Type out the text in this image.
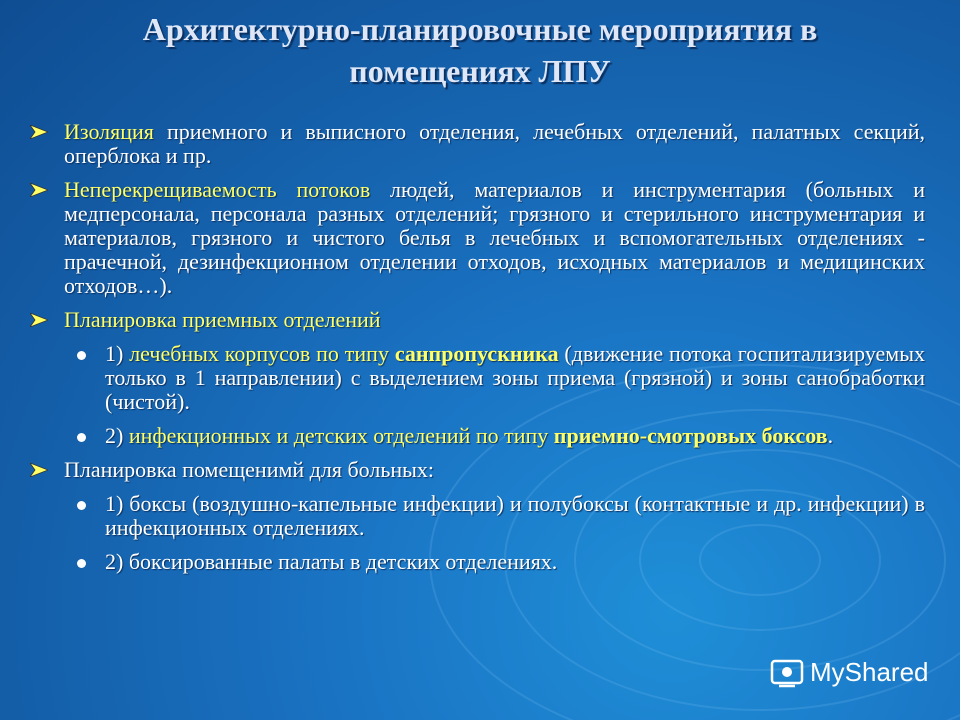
Архитектурно-планировочные мероприятия в
помещениях ЛПУ
Изоляция приемного и выписного отделения, лечебных отделений, палатных секций, оперблока и пр.
Неперекрещиваемость потоков людей, материалов и инструментария (больных и медперсонала, персонала разных отделений; грязного и стерильного инструментария и материалов, грязного и чистого белья в лечебных и вспомогательных отделениях - прачечной, дезинфекционном отделении отходов, исходных материалов и медицинских отходов…).
Планировка приемных отделений
1) лечебных корпусов по типу санпропускника (движение потока госпитализируемых только в 1 направлении) с выделением зоны приема (грязной) и зоны санобработки (чистой).
2) инфекционных и детских отделений по типу приемно-смотровых боксов.
Планировка помещенимй для больных:
1) боксы (воздушно-капельные инфекции) и полубоксы (контактные и др. инфекции) в инфекционных отделениях.
2) боксированные палаты в детских отделениях.
MyShared
